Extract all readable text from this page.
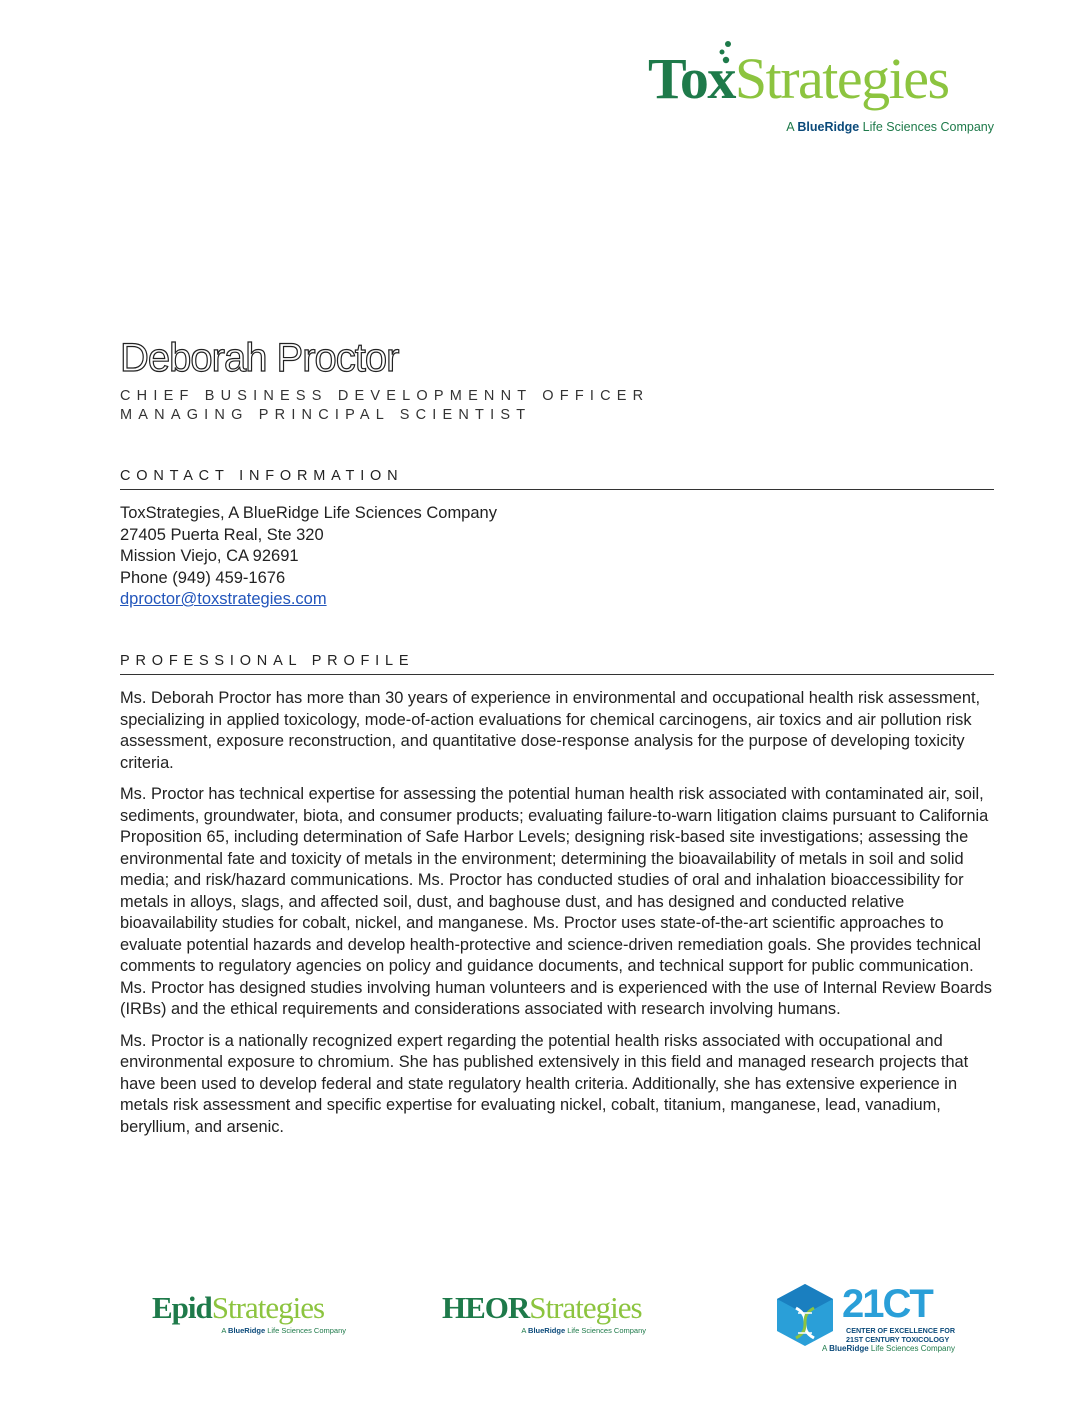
ToxStrategies
A BlueRidge Life Sciences Company
Deborah Proctor
CHIEF BUSINESS DEVELOPMENNT OFFICER
MANAGING PRINCIPAL SCIENTIST
CONTACT INFORMATION
ToxStrategies, A BlueRidge Life Sciences Company
27405 Puerta Real, Ste 320
Mission Viejo, CA 92691
Phone (949) 459-1676
dproctor@toxstrategies.com
PROFESSIONAL PROFILE

Ms. Deborah Proctor has more than 30 years of experience in environmental and occupational health risk assessment, specializing in applied toxicology, mode-of-action evaluations for chemical carcinogens, air toxics and air pollution risk assessment, exposure reconstruction, and quantitative dose-response analysis for the purpose of developing toxicity criteria.

Ms. Proctor has technical expertise for assessing the potential human health risk associated with contaminated air, soil, sediments, groundwater, biota, and consumer products; evaluating failure-to-warn litigation claims pursuant to California Proposition 65, including determination of Safe Harbor Levels; designing risk-based site investigations; assessing the environmental fate and toxicity of metals in the environment; determining the bioavailability of metals in soil and solid media; and risk/hazard communications. Ms. Proctor has conducted studies of oral and inhalation bioaccessibility for metals in alloys, slags, and affected soil, dust, and baghouse dust, and has designed and conducted relative bioavailability studies for cobalt, nickel, and manganese. Ms. Proctor uses state-of-the-art scientific approaches to evaluate potential hazards and develop health-protective and science-driven remediation goals. She provides technical comments to regulatory agencies on policy and guidance documents, and technical support for public communication. Ms. Proctor has designed studies involving human volunteers and is experienced with the use of Internal Review Boards (IRBs) and the ethical requirements and considerations associated with research involving humans.

Ms. Proctor is a nationally recognized expert regarding the potential health risks associated with occupational and environmental exposure to chromium. She has published extensively in this field and managed research projects that have been used to develop federal and state regulatory health criteria. Additionally, she has extensive experience in metals risk assessment and specific expertise for evaluating nickel, cobalt, titanium, manganese, lead, vanadium, beryllium, and arsenic.

EpidStrategies
A BlueRidge Life Sciences Company
HEORStrategies
A BlueRidge Life Sciences Company
21CT
CENTER OF EXCELLENCE FOR
21ST CENTURY TOXICOLOGY
A BlueRidge Life Sciences Company
